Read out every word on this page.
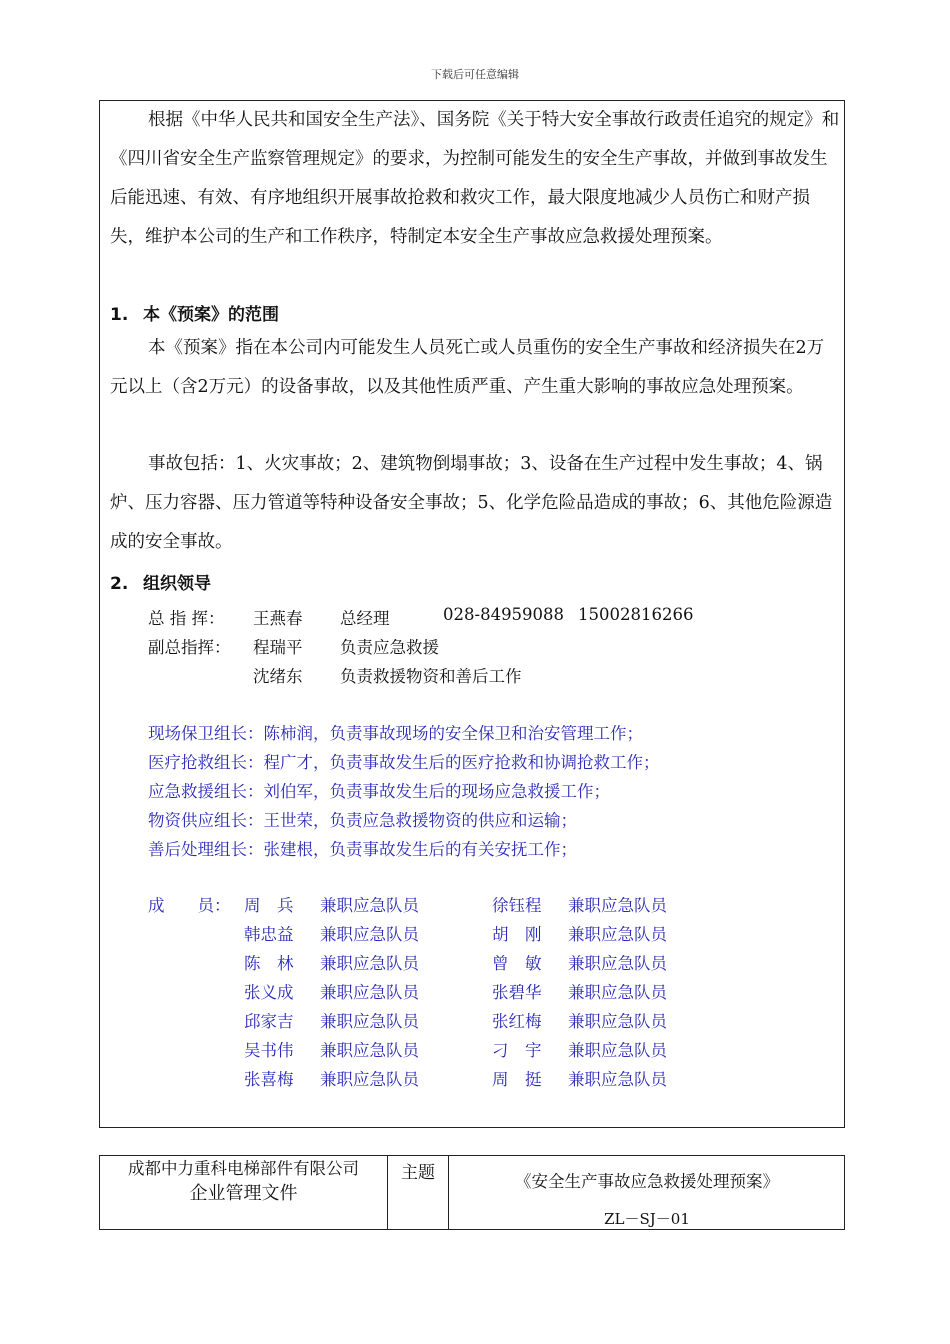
下载后可任意编辑

根据《中华人民共和国安全生产法》、国务院《关于特大安全事故行政责任追究的规定》和《四川省安全生产监察管理规定》的要求，为控制可能发生的安全生产事故，并做到事故发生后能迅速、有效、有序地组织开展事故抢救和救灾工作，最大限度地减少人员伤亡和财产损失，维护本公司的生产和工作秩序，特制定本安全生产事故应急救援处理预案。

1. 本《预案》的范围

本《预案》指在本公司内可能发生人员死亡或人员重伤的安全生产事故和经济损失在2万元以上（含2万元）的设备事故，以及其他性质严重、产生重大影响的事故应急处理预案。

事故包括：1、火灾事故；2、建筑物倒塌事故；3、设备在生产过程中发生事故；4、锅炉、压力容器、压力管道等特种设备安全事故；5、化学危险品造成的事故；6、其他危险源造成的安全事故。

2. 组织领导
总 指 挥： 王燕春 总经理	028-84959088 15002816266
副总指挥： 程瑞平 负责应急救援
沈绪东 负责救援物资和善后工作
现场保卫组长：陈柿润，负责事故现场的安全保卫和治安管理工作；
医疗抢救组长：程广才，负责事故发生后的医疗抢救和协调抢救工作；
应急救援组长：刘伯军，负责事故发生后的现场应急救援工作；
物资供应组长：王世荣，负责应急救援物资的供应和运输；
善后处理组长：张建根，负责事故发生后的有关安抚工作；
成　　员： 周　兵 兼职应急队员	徐钰程 兼职应急队员
韩忠益 兼职应急队员	胡　刚 兼职应急队员
陈　林 兼职应急队员	曾　敏 兼职应急队员
张义成 兼职应急队员	张碧华 兼职应急队员
邱家吉 兼职应急队员	张红梅 兼职应急队员
吴书伟 兼职应急队员	刁　宇 兼职应急队员
张喜梅 兼职应急队员	周　挺 兼职应急队员
成都中力重科电梯部件有限公司
企业管理文件
主题	《安全生产事故应急救援处理预案》
ZL－SJ－01
